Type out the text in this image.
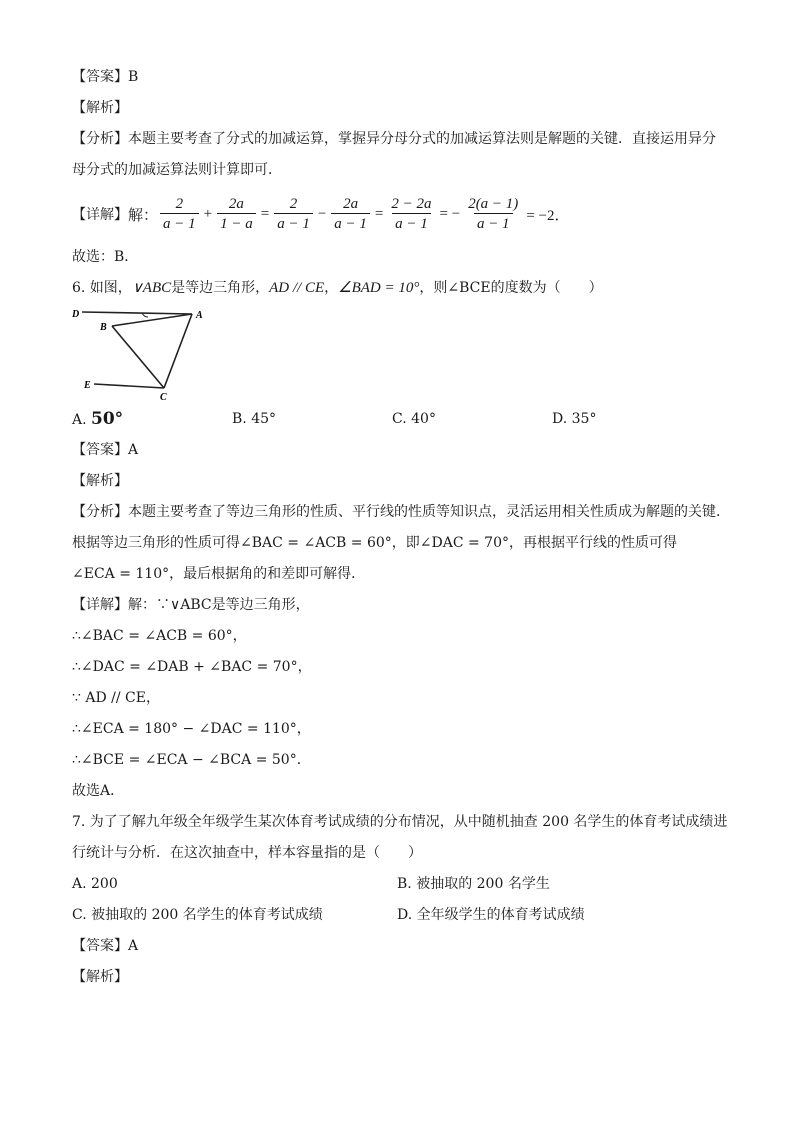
【答案】B
【解析】
【分析】本题主要考查了分式的加减运算，掌握异分母分式的加减运算法则是解题的关键．直接运用异分
母分式的加减运算法则计算即可．
【详解】 解： $\frac{2}{a - 1} + \frac{2a}{1 - a} = \frac{2}{a - 1} - \frac{2a}{a - 1} = \frac{2 - 2a}{a - 1}$ = − $\frac{2(a - 1)}{a - 1} = -2$．
故选：B．
6. 如图，∨ABC是等边三角形，AD // CE，∠BAD = 10°，则∠BCE的度数为（　　）
D	A
B
E
C
A. 50°	B. 45°	C. 40°	D. 35°
【答案】A
【解析】
【分析】本题主要考查了等边三角形的性质、平行线的性质等知识点，灵活运用相关性质成为解题的关键．
根据等边三角形的性质可得∠BAC = ∠ACB = 60°，即∠DAC = 70°，再根据平行线的性质可得
∠ECA = 110°，最后根据角的和差即可解得．
【详解】解：∵∨ABC是等边三角形，
∴∠BAC = ∠ACB = 60°，
∴∠DAC = ∠DAB + ∠BAC = 70°，
∵ AD // CE，
∴∠ECA = 180° − ∠DAC = 110°，
∴∠BCE = ∠ECA − ∠BCA = 50°．
故选A．
7. 为了了解九年级全年级学生某次体育考试成绩的分布情况，从中随机抽查 200 名学生的体育考试成绩进
行统计与分析．在这次抽查中，样本容量指的是（　　）
A. 200	B. 被抽取的 200 名学生
C. 被抽取的 200 名学生的体育考试成绩	D. 全年级学生的体育考试成绩
【答案】A
【解析】
